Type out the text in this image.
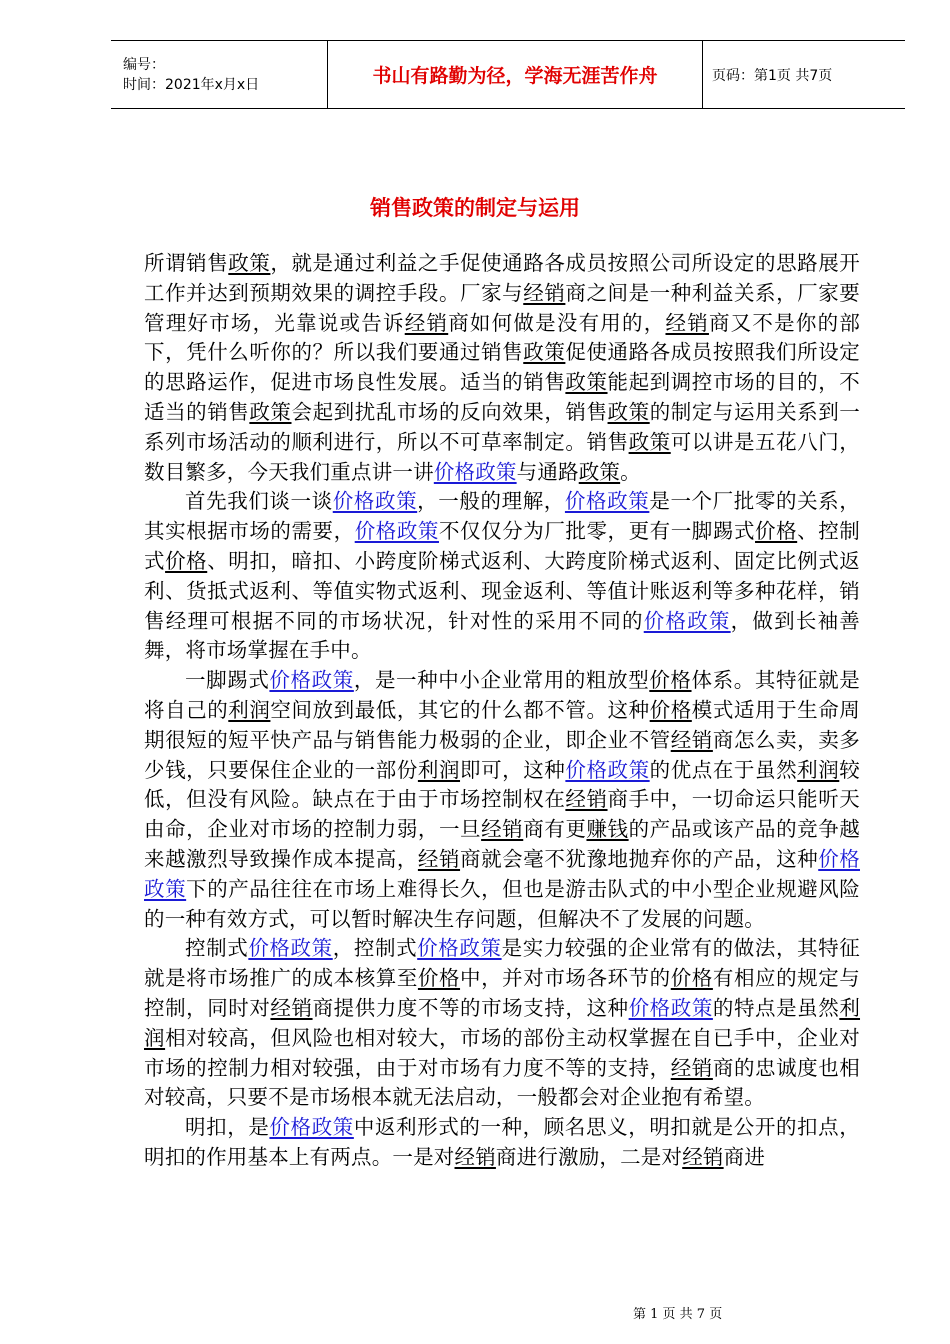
编号：
时间：2021年x月x日	书山有路勤为径，学海无涯苦作舟	页码：第1页 共7页
销售政策的制定与运用

所谓销售政策，就是通过利益之手促使通路各成员按照公司所设定的思路展开工作并达到预期效果的调控手段。厂家与经销商之间是一种利益关系，厂家要管理好市场，光靠说或告诉经销商如何做是没有用的，经销商又不是你的部下，凭什么听你的？所以我们要通过销售政策促使通路各成员按照我们所设定的思路运作，促进市场良性发展。适当的销售政策能起到调控市场的目的，不适当的销售政策会起到扰乱市场的反向效果，销售政策的制定与运用关系到一系列市场活动的顺利进行，所以不可草率制定。销售政策可以讲是五花八门，数目繁多，今天我们重点讲一讲价格政策与通路政策。

首先我们谈一谈价格政策，一般的理解，价格政策是一个厂批零的关系，其实根据市场的需要，价格政策不仅仅分为厂批零，更有一脚踢式价格、控制式价格、明扣，暗扣、小跨度阶梯式返利、大跨度阶梯式返利、固定比例式返利、货抵式返利、等值实物式返利、现金返利、等值计账返利等多种花样，销售经理可根据不同的市场状况，针对性的采用不同的价格政策，做到长袖善舞，将市场掌握在手中。

一脚踢式价格政策，是一种中小企业常用的粗放型价格体系。其特征就是将自己的利润空间放到最低，其它的什么都不管。这种价格模式适用于生命周期很短的短平快产品与销售能力极弱的企业，即企业不管经销商怎么卖，卖多少钱，只要保住企业的一部份利润即可，这种价格政策的优点在于虽然利润较低，但没有风险。缺点在于由于市场控制权在经销商手中，一切命运只能听天由命，企业对市场的控制力弱，一旦经销商有更赚钱的产品或该产品的竞争越来越激烈导致操作成本提高，经销商就会毫不犹豫地抛弃你的产品，这种价格政策下的产品往往在市场上难得长久，但也是游击队式的中小型企业规避风险的一种有效方式，可以暂时解决生存问题，但解决不了发展的问题。

控制式价格政策，控制式价格政策是实力较强的企业常有的做法，其特征就是将市场推广的成本核算至价格中，并对市场各环节的价格有相应的规定与控制，同时对经销商提供力度不等的市场支持，这种价格政策的特点是虽然利润相对较高，但风险也相对较大，市场的部份主动权掌握在自已手中，企业对市场的控制力相对较强，由于对市场有力度不等的支持，经销商的忠诚度也相对较高，只要不是市场根本就无法启动，一般都会对企业抱有希望。

明扣，是价格政策中返利形式的一种，顾名思义，明扣就是公开的扣点，明扣的作用基本上有两点。一是对经销商进行激励，二是对经销商进

第 1 页 共 7 页
